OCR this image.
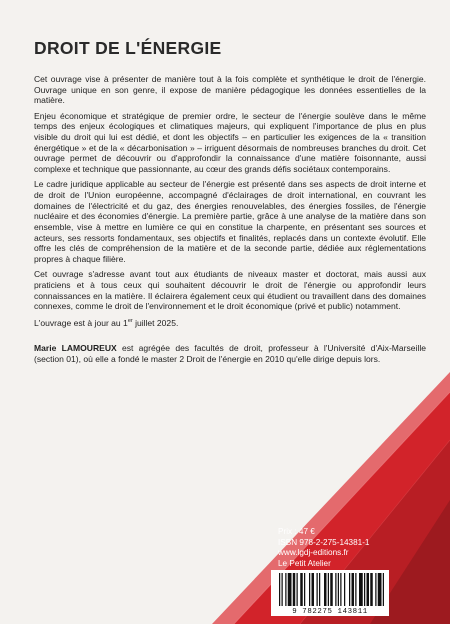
DROIT DE L'ÉNERGIE

Cet ouvrage vise à présenter de manière tout à la fois complète et synthétique le droit de l'énergie. Ouvrage unique en son genre, il expose de manière pédagogique les données essentielles de la matière.

Enjeu économique et stratégique de premier ordre, le secteur de l'énergie soulève dans le même temps des enjeux écologiques et climatiques majeurs, qui expliquent l'importance de plus en plus visible du droit qui lui est dédié, et dont les objectifs – en particulier les exigences de la « transition énergétique » et de la « décarbonisation » – irriguent désormais de nombreuses branches du droit. Cet ouvrage permet de découvrir ou d'approfondir la connaissance d'une matière foisonnante, aussi complexe et technique que passionnante, au cœur des grands défis sociétaux contemporains.

Le cadre juridique applicable au secteur de l'énergie est présenté dans ses aspects de droit interne et de droit de l'Union européenne, accompagné d'éclairages de droit international, en couvrant les domaines de l'électricité et du gaz, des énergies renouvelables, des énergies fossiles, de l'énergie nucléaire et des économies d'énergie. La première partie, grâce à une analyse de la matière dans son ensemble, vise à mettre en lumière ce qui en constitue la charpente, en présentant ses sources et acteurs, ses ressorts fondamentaux, ses objectifs et finalités, replacés dans un contexte évolutif. Elle offre les clés de compréhension de la matière et de la seconde partie, dédiée aux réglementations propres à chaque filière.

Cet ouvrage s'adresse avant tout aux étudiants de niveaux master et doctorat, mais aussi aux praticiens et à tous ceux qui souhaitent découvrir le droit de l'énergie ou approfondir leurs connaissances en la matière. Il éclairera également ceux qui étudient ou travaillent dans des domaines connexes, comme le droit de l'environnement et le droit économique (privé et public) notamment.

L'ouvrage est à jour au 1er juillet 2025.

Marie LAMOUREUX est agrégée des facultés de droit, professeur à l'Université d'Aix-Marseille (section 01), où elle a fondé le master 2 Droit de l'énergie en 2010 qu'elle dirige depuis lors.

Prix : 47 €
ISBN 978-2-275-14381-1
www.lgdj-editions.fr
Le Petit Atelier
9 782275 143811
